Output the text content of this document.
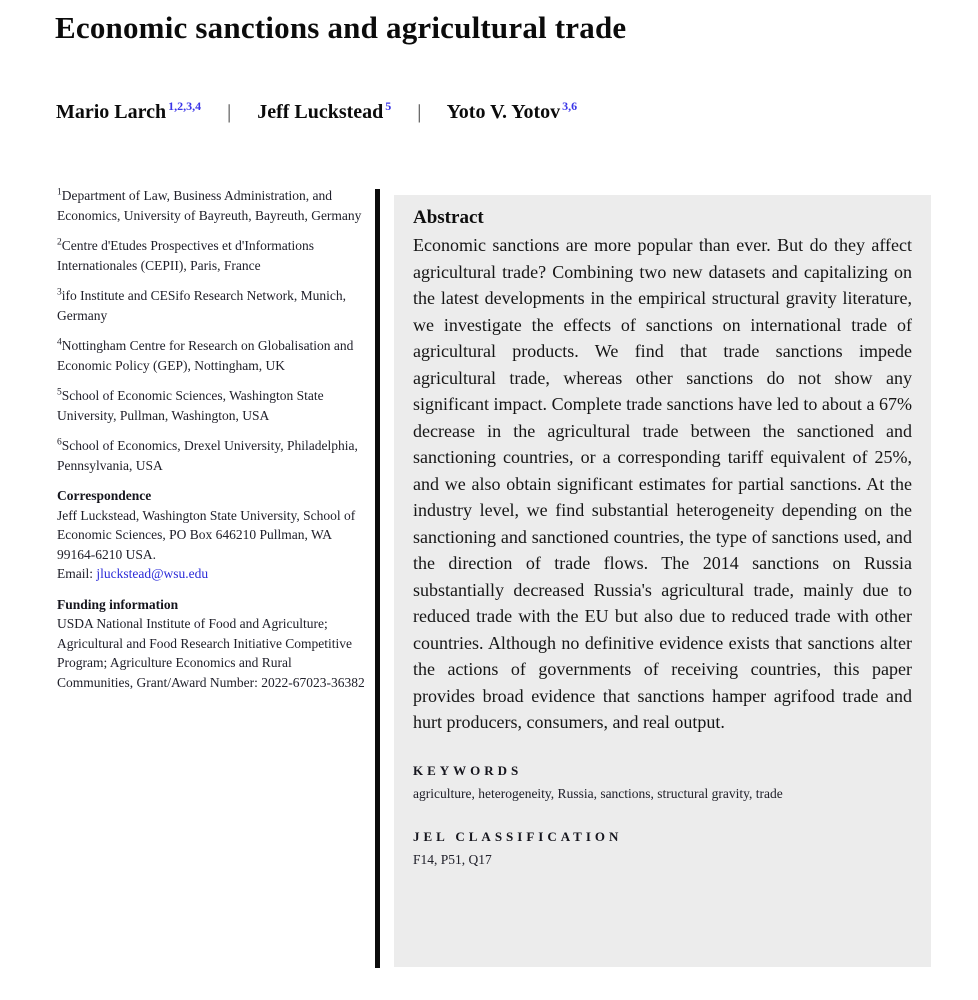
Economic sanctions and agricultural trade
Mario Larch $^{1,2,3,4}$ | Jeff Luckstead $^5$ | Yoto V. Yotov $^{3,6}$

$^1$Department of Law, Business Administration, and Economics, University of Bayreuth, Bayreuth, Germany

$^2$Centre d'Etudes Prospectives et d'Informations Internationales (CEPII), Paris, France

$^3$ifo Institute and CESifo Research Network, Munich, Germany

$^4$Nottingham Centre for Research on Globalisation and Economic Policy (GEP), Nottingham, UK

$^5$School of Economic Sciences, Washington State University, Pullman, Washington, USA

$^6$School of Economics, Drexel University, Philadelphia, Pennsylvania, USA

Correspondence

Jeff Luckstead, Washington State University, School of Economic Sciences, PO Box 646210 Pullman, WA 99164-6210 USA.
Email: jluckstead@wsu.edu

Funding information

USDA National Institute of Food and Agriculture; Agricultural and Food Research Initiative Competitive Program; Agriculture Economics and Rural Communities, Grant/Award Number: 2022-67023-36382

Abstract

Economic sanctions are more popular than ever. But do they affect agricultural trade? Combining two new datasets and capitalizing on the latest developments in the empirical structural gravity literature, we investigate the effects of sanctions on international trade of agricultural products. We find that trade sanctions impede agricultural trade, whereas other sanctions do not show any significant impact. Complete trade sanctions have led to about a 67% decrease in the agricultural trade between the sanctioned and sanctioning countries, or a corresponding tariff equivalent of 25%, and we also obtain significant estimates for partial sanctions. At the industry level, we find substantial heterogeneity depending on the sanctioning and sanctioned countries, the type of sanctions used, and the direction of trade flows. The 2014 sanctions on Russia substantially decreased Russia's agricultural trade, mainly due to reduced trade with the EU but also due to reduced trade with other countries. Although no definitive evidence exists that sanctions alter the actions of governments of receiving countries, this paper provides broad evidence that sanctions hamper agrifood trade and hurt producers, consumers, and real output.

KEYWORDS

agriculture, heterogeneity, Russia, sanctions, structural gravity, trade

JEL CLASSIFICATION

F14, P51, Q17
